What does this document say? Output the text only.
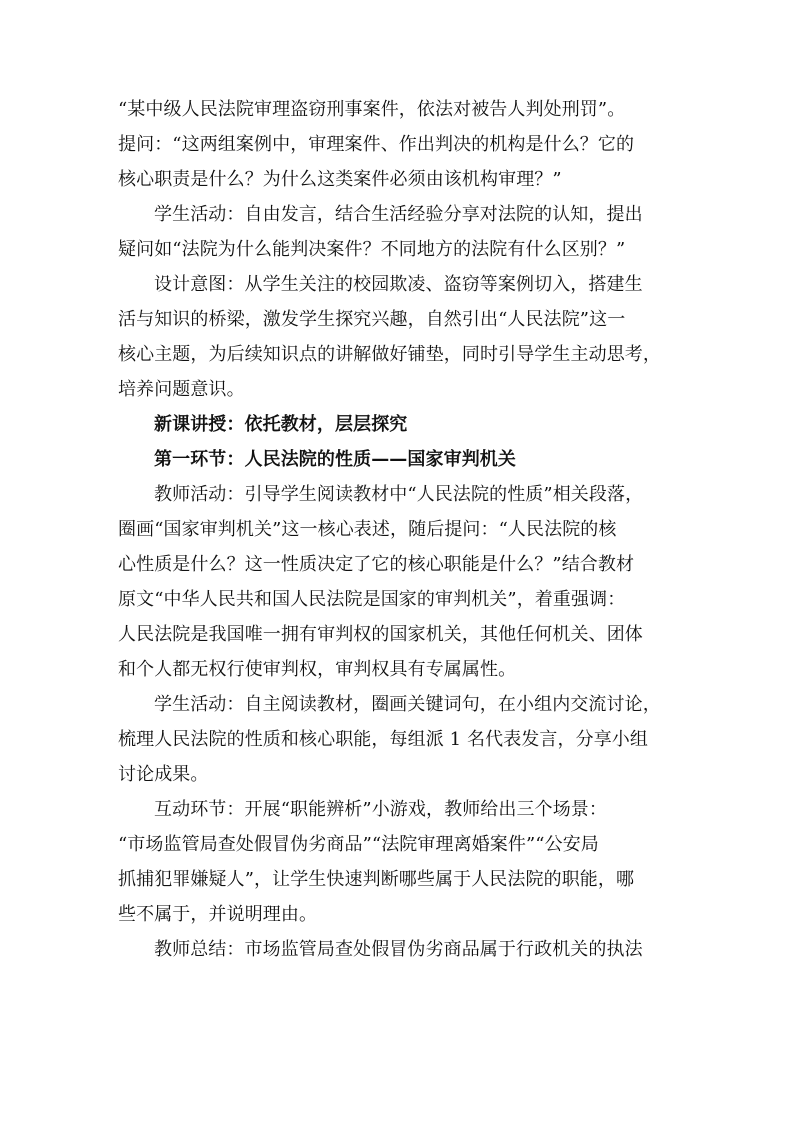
“某中级人民法院审理盗窃刑事案件，依法对被告人判处刑罚”。
提问：“这两组案例中，审理案件、作出判决的机构是什么？它的
核心职责是什么？为什么这类案件必须由该机构审理？”
学生活动：自由发言，结合生活经验分享对法院的认知，提出
疑问如“法院为什么能判决案件？不同地方的法院有什么区别？”
设计意图：从学生关注的校园欺凌、盗窃等案例切入，搭建生
活与知识的桥梁，激发学生探究兴趣，自然引出“人民法院”这一
核心主题，为后续知识点的讲解做好铺垫，同时引导学生主动思考，
培养问题意识。
新课讲授：依托教材，层层探究
第一环节：人民法院的性质——国家审判机关
教师活动：引导学生阅读教材中“人民法院的性质”相关段落，
圈画“国家审判机关”这一核心表述，随后提问：“人民法院的核
心性质是什么？这一性质决定了它的核心职能是什么？”结合教材
原文“中华人民共和国人民法院是国家的审判机关”，着重强调：
人民法院是我国唯一拥有审判权的国家机关，其他任何机关、团体
和个人都无权行使审判权，审判权具有专属属性。
学生活动：自主阅读教材，圈画关键词句，在小组内交流讨论，
梳理人民法院的性质和核心职能，每组派 1 名代表发言，分享小组
讨论成果。
互动环节：开展“职能辨析”小游戏，教师给出三个场景：
“市场监管局查处假冒伪劣商品”“法院审理离婚案件”“公安局
抓捕犯罪嫌疑人”，让学生快速判断哪些属于人民法院的职能，哪
些不属于，并说明理由。
教师总结：市场监管局查处假冒伪劣商品属于行政机关的执法
